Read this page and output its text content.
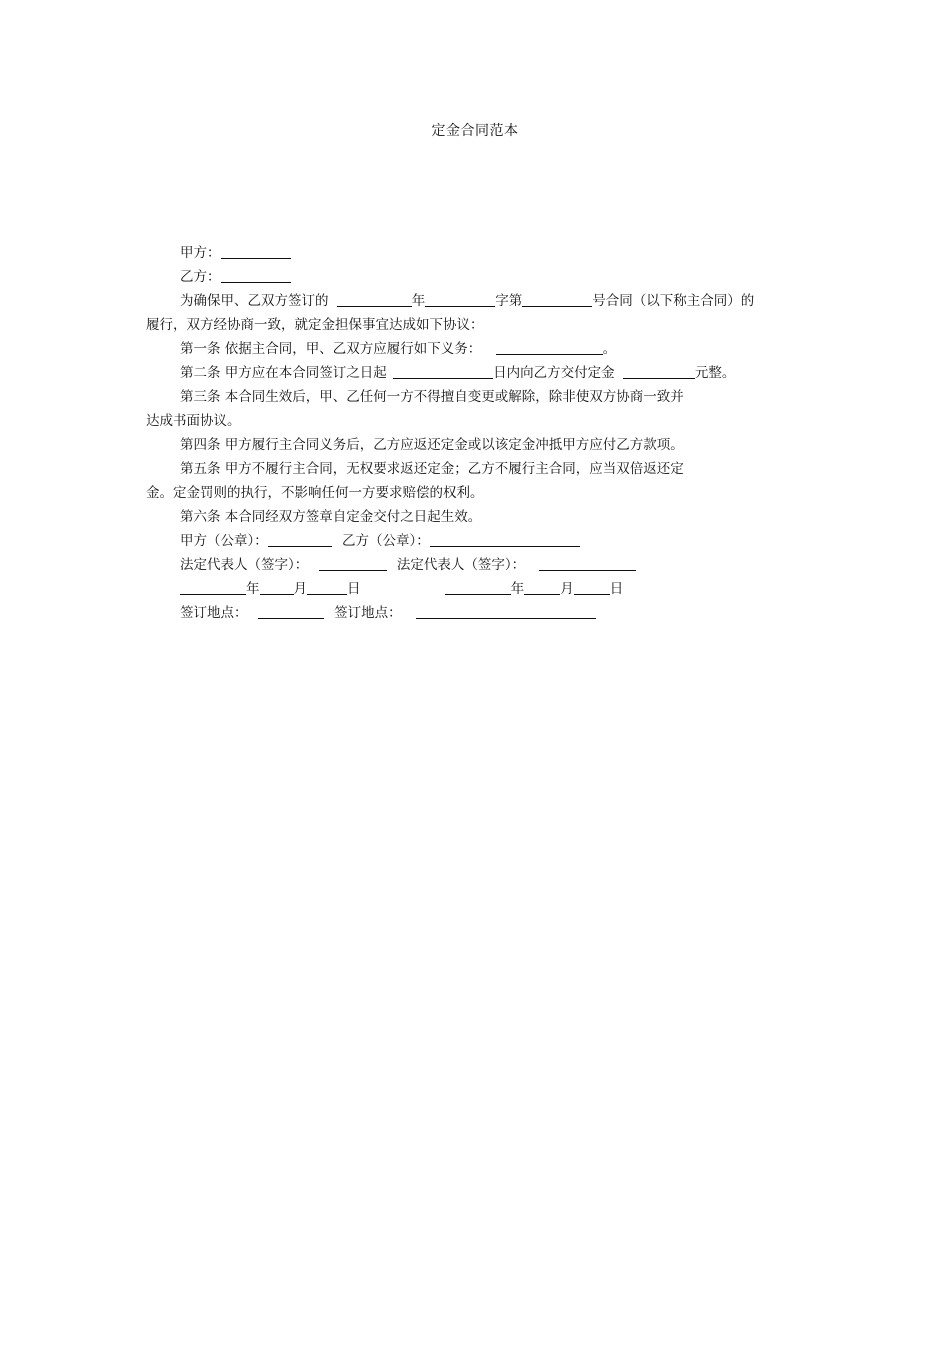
定金合同范本
甲方：
乙方：
为确保甲、乙双方签订的	年	字第	号合同（以下称主合同）的
履行，双方经协商一致，就定金担保事宜达成如下协议：
第一条 依据主合同，甲、乙双方应履行如下义务：	。
第二条 甲方应在本合同签订之日起	日内向乙方交付定金	元整。
第三条 本合同生效后，甲、乙任何一方不得擅自变更或解除，除非使双方协商一致并
达成书面协议。
第四条 甲方履行主合同义务后，乙方应返还定金或以该定金冲抵甲方应付乙方款项。
第五条 甲方不履行主合同，无权要求返还定金；乙方不履行主合同，应当双倍返还定
金。定金罚则的执行，不影响任何一方要求赔偿的权利。
第六条 本合同经双方签章自定金交付之日起生效。
甲方（公章）：	乙方（公章）：
法定代表人（签字）：	法定代表人（签字）：
年	月	日	年	月	日
签订地点：	签订地点：
